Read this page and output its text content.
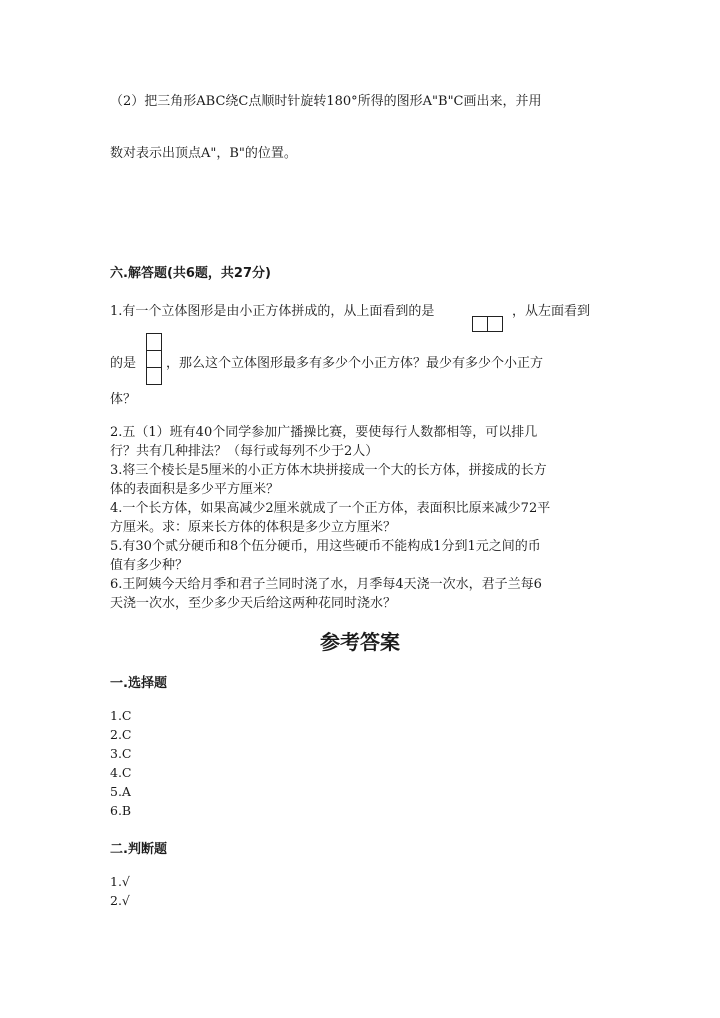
（2）把三角形ABC绕C点顺时针旋转180°所得的图形A"B"C画出来，并用
数对表示出顶点A"，B"的位置。
六.解答题(共6题，共27分)
1.有一个立体图形是由小正方体拼成的，从上面看到的是	，从左面看到
的是 ，那么这个立体图形最多有多少个小正方体？最少有多少个小正方
体？
2.五（1）班有40个同学参加广播操比赛，要使每行人数都相等，可以排几
行？共有几种排法？（每行或每列不少于2人）
3.将三个棱长是5厘米的小正方体木块拼接成一个大的长方体，拼接成的长方
体的表面积是多少平方厘米？
4.一个长方体，如果高减少2厘米就成了一个正方体，表面积比原来减少72平
方厘米。求：原来长方体的体积是多少立方厘米？
5.有30个贰分硬币和8个伍分硬币，用这些硬币不能构成1分到1元之间的币
值有多少种？
6.王阿姨今天给月季和君子兰同时浇了水，月季每4天浇一次水，君子兰每6
天浇一次水，至少多少天后给这两种花同时浇水？
参考答案
一.选择题
1.C
2.C
3.C
4.C
5.A
6.B
二.判断题
1.√
2.√
